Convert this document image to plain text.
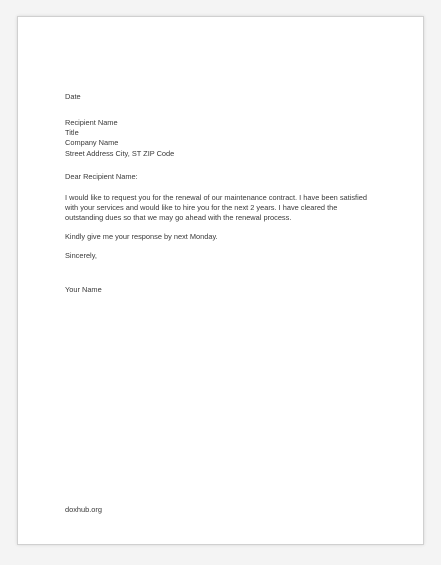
Date
Recipient Name
Title
Company Name
Street Address City, ST ZIP Code
Dear Recipient Name:
I would like to request you for the renewal of our maintenance contract. I have been satisfied with your services and would like to hire you for the next 2 years. I have cleared the outstanding dues so that we may go ahead with the renewal process.
Kindly give me your response by next Monday.
Sincerely,
Your Name
doxhub.org
